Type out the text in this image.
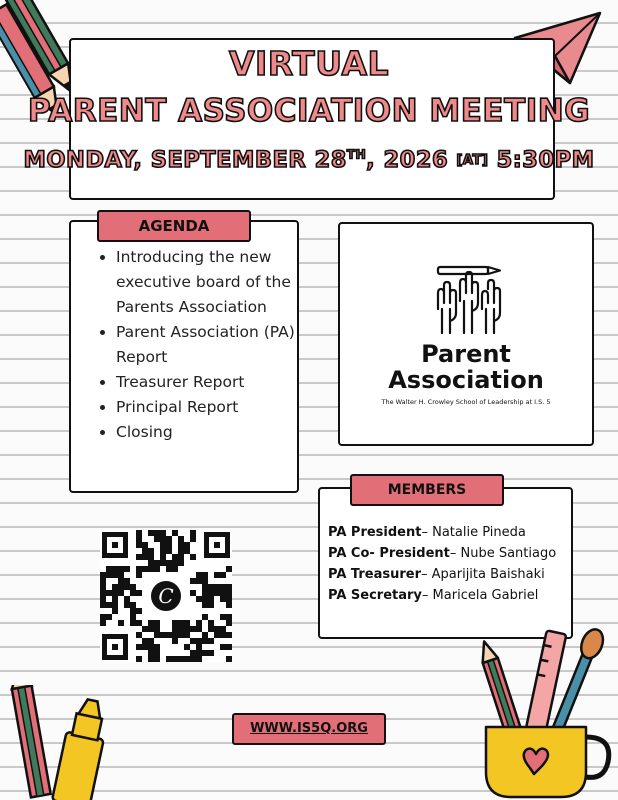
VIRTUAL
PARENT ASSOCIATION MEETING
MONDAY, SEPTEMBER 28TH, 2026 [AT] 5:30PM
AGENDA
• Introducing the new executive board of the Parents Association
• Parent Association (PA) Report
• Treasurer Report
• Principal Report
• Closing
Parent
Association
The Walter H. Crowley School of Leadership at I.S. 5
MEMBERS
PA President– Natalie Pineda
PA Co- President– Nube Santiago
PA Treasurer– Aparijita Baishaki
PA Secretary– Maricela Gabriel
C
WWW.IS5Q.ORG
